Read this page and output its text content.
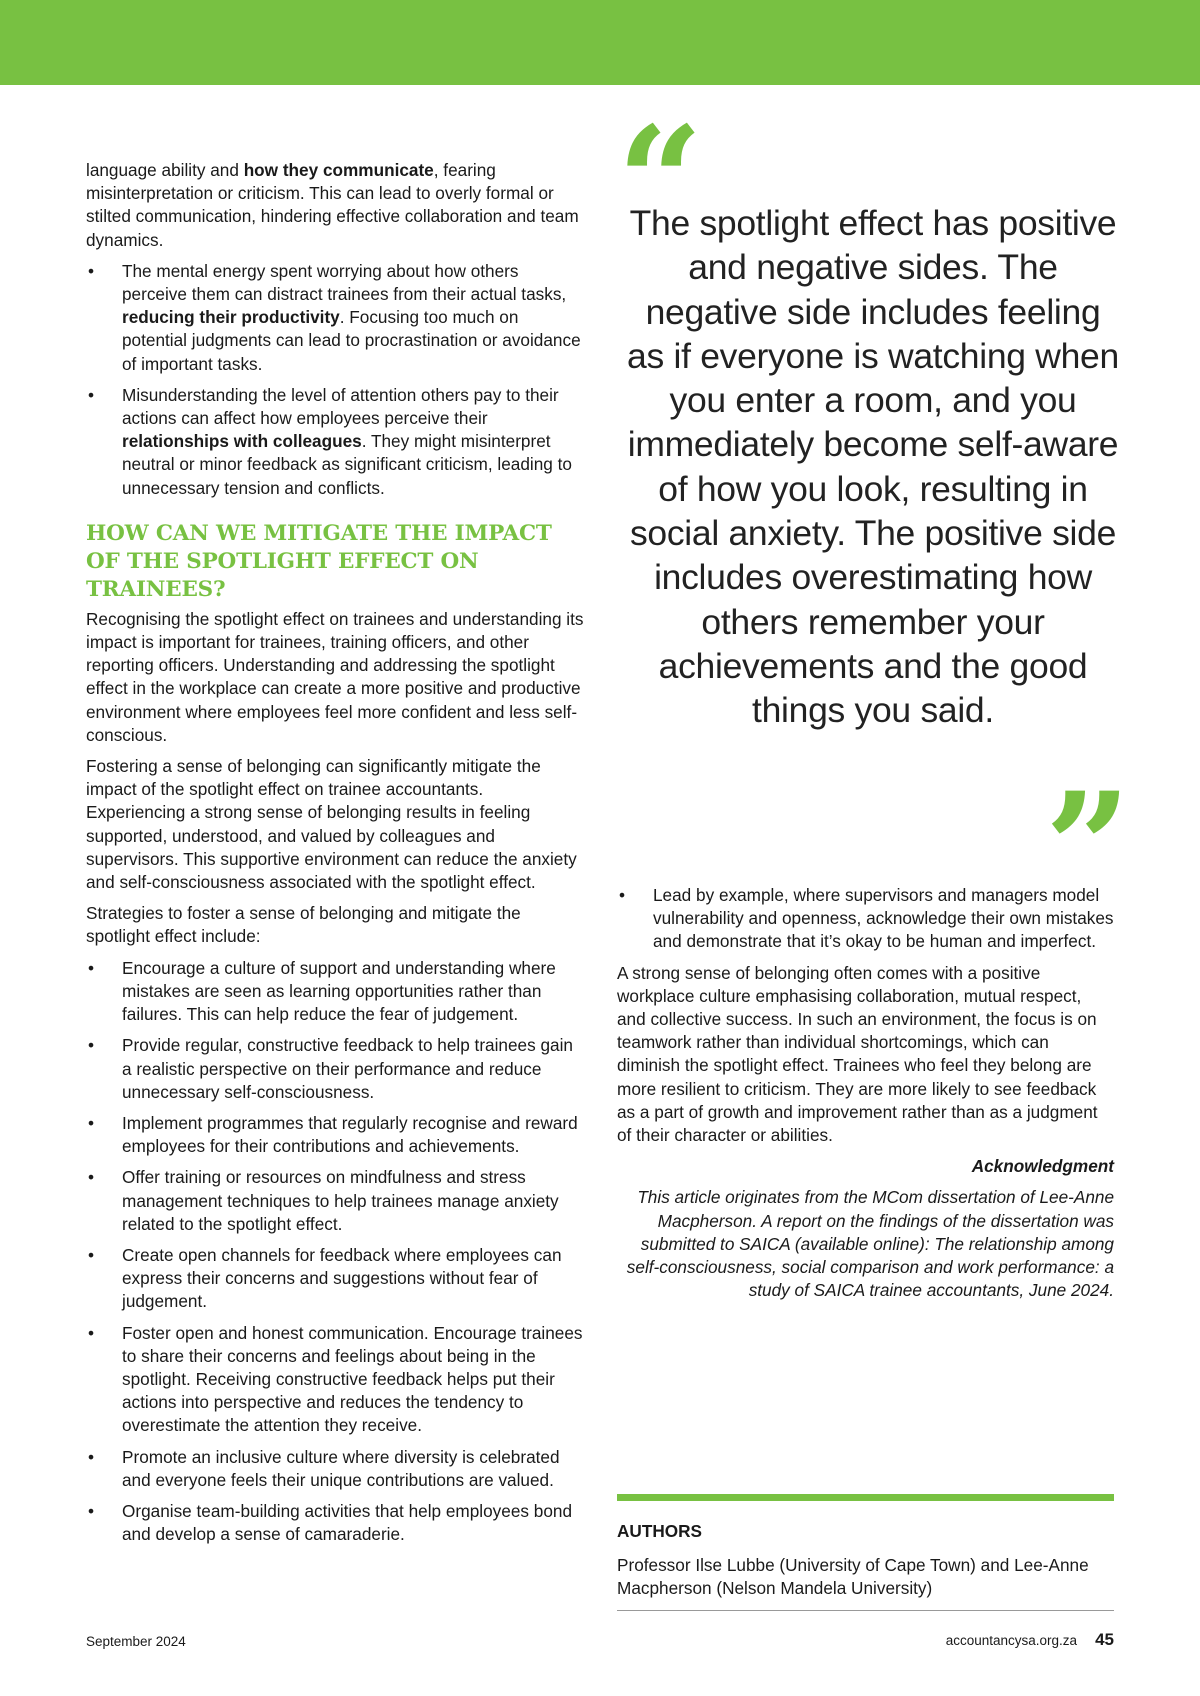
language ability and how they communicate, fearing misinterpretation or criticism. This can lead to overly formal or stilted communication, hindering effective collaboration and team dynamics.

• The mental energy spent worrying about how others perceive them can distract trainees from their actual tasks, reducing their productivity. Focusing too much on potential judgments can lead to procrastination or avoidance of important tasks.
• Misunderstanding the level of attention others pay to their actions can affect how employees perceive their relationships with colleagues. They might misinterpret neutral or minor feedback as significant criticism, leading to unnecessary tension and conflicts.
HOW CAN WE MITIGATE THE IMPACT OF THE SPOTLIGHT EFFECT ON TRAINEES?

Recognising the spotlight effect on trainees and understanding its impact is important for trainees, training officers, and other reporting officers. Understanding and addressing the spotlight effect in the workplace can create a more positive and productive environment where employees feel more confident and less self-conscious.

Fostering a sense of belonging can significantly mitigate the impact of the spotlight effect on trainee accountants. Experiencing a strong sense of belonging results in feeling supported, understood, and valued by colleagues and supervisors. This supportive environment can reduce the anxiety and self-consciousness associated with the spotlight effect.

Strategies to foster a sense of belonging and mitigate the spotlight effect include:

• Encourage a culture of support and understanding where mistakes are seen as learning opportunities rather than failures. This can help reduce the fear of judgement.
• Provide regular, constructive feedback to help trainees gain a realistic perspective on their performance and reduce unnecessary self-consciousness.
• Implement programmes that regularly recognise and reward employees for their contributions and achievements.
• Offer training or resources on mindfulness and stress management techniques to help trainees manage anxiety related to the spotlight effect.
• Create open channels for feedback where employees can express their concerns and suggestions without fear of judgement.
• Foster open and honest communication. Encourage trainees to share their concerns and feelings about being in the spotlight. Receiving constructive feedback helps put their actions into perspective and reduces the tendency to overestimate the attention they receive.
• Promote an inclusive culture where diversity is celebrated and everyone feels their unique contributions are valued.
• Organise team-building activities that help employees bond and develop a sense of camaraderie.
“
The spotlight effect has positive and negative sides. The negative side includes feeling as if everyone is watching when you enter a room, and you immediately become self-aware of how you look, resulting in social anxiety. The positive side includes overestimating how others remember your achievements and the good things you said.
”
• Lead by example, where supervisors and managers model vulnerability and openness, acknowledge their own mistakes and demonstrate that it’s okay to be human and imperfect.

A strong sense of belonging often comes with a positive workplace culture emphasising collaboration, mutual respect, and collective success. In such an environment, the focus is on teamwork rather than individual shortcomings, which can diminish the spotlight effect. Trainees who feel they belong are more resilient to criticism. They are more likely to see feedback as a part of growth and improvement rather than as a judgment of their character or abilities.

Acknowledgment

This article originates from the MCom dissertation of Lee-Anne Macpherson. A report on the findings of the dissertation was submitted to SAICA (available online): The relationship among self-consciousness, social comparison and work performance: a study of SAICA trainee accountants, June 2024.

AUTHORS
Professor Ilse Lubbe (University of Cape Town) and Lee-Anne Macpherson (Nelson Mandela University)
September 2024	accountancysa.org.za 45
